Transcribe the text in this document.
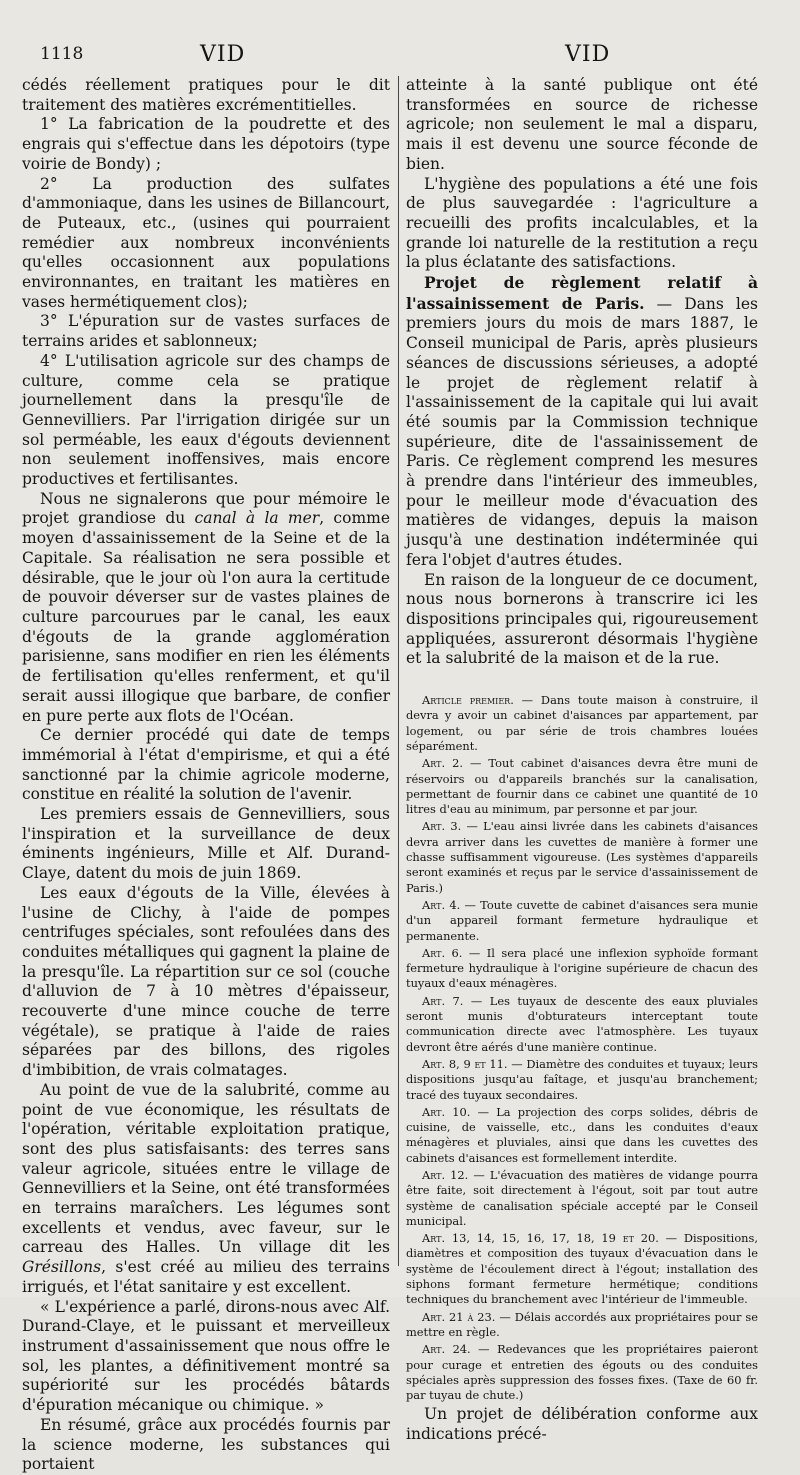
1118	VID	VID

cédés réellement pratiques pour le dit traitement des matières excrémentitielles.

1° La fabrication de la poudrette et des engrais qui s'effectue dans les dépotoirs (type voirie de Bondy) ;

2° La production des sulfates d'ammoniaque, dans les usines de Billancourt, de Puteaux, etc., (usines qui pourraient remédier aux nombreux inconvénients qu'elles occasionnent aux populations environnantes, en traitant les matières en vases hermétiquement clos);

3° L'épuration sur de vastes surfaces de terrains arides et sablonneux;

4° L'utilisation agricole sur des champs de culture, comme cela se pratique journellement dans la presqu'île de Gennevilliers. Par l'irrigation dirigée sur un sol perméable, les eaux d'égouts deviennent non seulement inoffensives, mais encore productives et fertilisantes.

Nous ne signalerons que pour mémoire le projet grandiose du canal à la mer, comme moyen d'assainissement de la Seine et de la Capitale. Sa réalisation ne sera possible et désirable, que le jour où l'on aura la certitude de pouvoir déverser sur de vastes plaines de culture parcourues par le canal, les eaux d'égouts de la grande agglomération parisienne, sans modifier en rien les éléments de fertilisation qu'elles renferment, et qu'il serait aussi illogique que barbare, de confier en pure perte aux flots de l'Océan.

Ce dernier procédé qui date de temps immémorial à l'état d'empirisme, et qui a été sanctionné par la chimie agricole moderne, constitue en réalité la solution de l'avenir.

Les premiers essais de Gennevilliers, sous l'inspiration et la surveillance de deux éminents ingénieurs, Mille et Alf. Durand-Claye, datent du mois de juin 1869.

Les eaux d'égouts de la Ville, élevées à l'usine de Clichy, à l'aide de pompes centrifuges spéciales, sont refoulées dans des conduites métalliques qui gagnent la plaine de la presqu'île. La répartition sur ce sol (couche d'alluvion de 7 à 10 mètres d'épaisseur, recouverte d'une mince couche de terre végétale), se pratique à l'aide de raies séparées par des billons, des rigoles d'imbibition, de vrais colmatages.

Au point de vue de la salubrité, comme au point de vue économique, les résultats de l'opération, véritable exploitation pratique, sont des plus satisfaisants: des terres sans valeur agricole, situées entre le village de Gennevilliers et la Seine, ont été transformées en terrains maraîchers. Les légumes sont excellents et vendus, avec faveur, sur le carreau des Halles. Un village dit les Grésillons, s'est créé au milieu des terrains irrigués, et l'état sanitaire y est excellent.

« L'expérience a parlé, dirons-nous avec Alf. Durand-Claye, et le puissant et merveilleux instrument d'assainissement que nous offre le sol, les plantes, a définitivement montré sa supériorité sur les procédés bâtards d'épuration mécanique ou chimique. »

En résumé, grâce aux procédés fournis par la science moderne, les substances qui portaient

atteinte à la santé publique ont été transformées en source de richesse agricole; non seulement le mal a disparu, mais il est devenu une source féconde de bien.

L'hygiène des populations a été une fois de plus sauvegardée : l'agriculture a recueilli des profits incalculables, et la grande loi naturelle de la restitution a reçu la plus éclatante des satisfactions.

Projet de règlement relatif à l'assainissement de Paris. — Dans les premiers jours du mois de mars 1887, le Conseil municipal de Paris, après plusieurs séances de discussions sérieuses, a adopté le projet de règlement relatif à l'assainissement de la capitale qui lui avait été soumis par la Commission technique supérieure, dite de l'assainissement de Paris. Ce règlement comprend les mesures à prendre dans l'intérieur des immeubles, pour le meilleur mode d'évacuation des matières de vidanges, depuis la maison jusqu'à une destination indéterminée qui fera l'objet d'autres études.

En raison de la longueur de ce document, nous nous bornerons à transcrire ici les dispositions principales qui, rigoureusement appliquées, assureront désormais l'hygiène et la salubrité de la maison et de la rue.

Article premier. — Dans toute maison à construire, il devra y avoir un cabinet d'aisances par appartement, par logement, ou par série de trois chambres louées séparément.

Art. 2. — Tout cabinet d'aisances devra être muni de réservoirs ou d'appareils branchés sur la canalisation, permettant de fournir dans ce cabinet une quantité de 10 litres d'eau au minimum, par personne et par jour.

Art. 3. — L'eau ainsi livrée dans les cabinets d'aisances devra arriver dans les cuvettes de manière à former une chasse suffisamment vigoureuse. (Les systèmes d'appareils seront examinés et reçus par le service d'assainissement de Paris.)

Art. 4. — Toute cuvette de cabinet d'aisances sera munie d'un appareil formant fermeture hydraulique et permanente.

Art. 6. — Il sera placé une inflexion syphoïde formant fermeture hydraulique à l'origine supérieure de chacun des tuyaux d'eaux ménagères.

Art. 7. — Les tuyaux de descente des eaux pluviales seront munis d'obturateurs interceptant toute communication directe avec l'atmosphère. Les tuyaux devront être aérés d'une manière continue.

Art. 8, 9 et 11. — Diamètre des conduites et tuyaux; leurs dispositions jusqu'au faîtage, et jusqu'au branchement; tracé des tuyaux secondaires.

Art. 10. — La projection des corps solides, débris de cuisine, de vaisselle, etc., dans les conduites d'eaux ménagères et pluviales, ainsi que dans les cuvettes des cabinets d'aisances est formellement interdite.

Art. 12. — L'évacuation des matières de vidange pourra être faite, soit directement à l'égout, soit par tout autre système de canalisation spéciale accepté par le Conseil municipal.

Art. 13, 14, 15, 16, 17, 18, 19 et 20. — Dispositions, diamètres et composition des tuyaux d'évacuation dans le système de l'écoulement direct à l'égout; installation des siphons formant fermeture hermétique; conditions techniques du branchement avec l'intérieur de l'immeuble.

Art. 21 à 23. — Délais accordés aux propriétaires pour se mettre en règle.

Art. 24. — Redevances que les propriétaires paieront pour curage et entretien des égouts ou des conduites spéciales après suppression des fosses fixes. (Taxe de 60 fr. par tuyau de chute.)

Un projet de délibération conforme aux indications précé-
